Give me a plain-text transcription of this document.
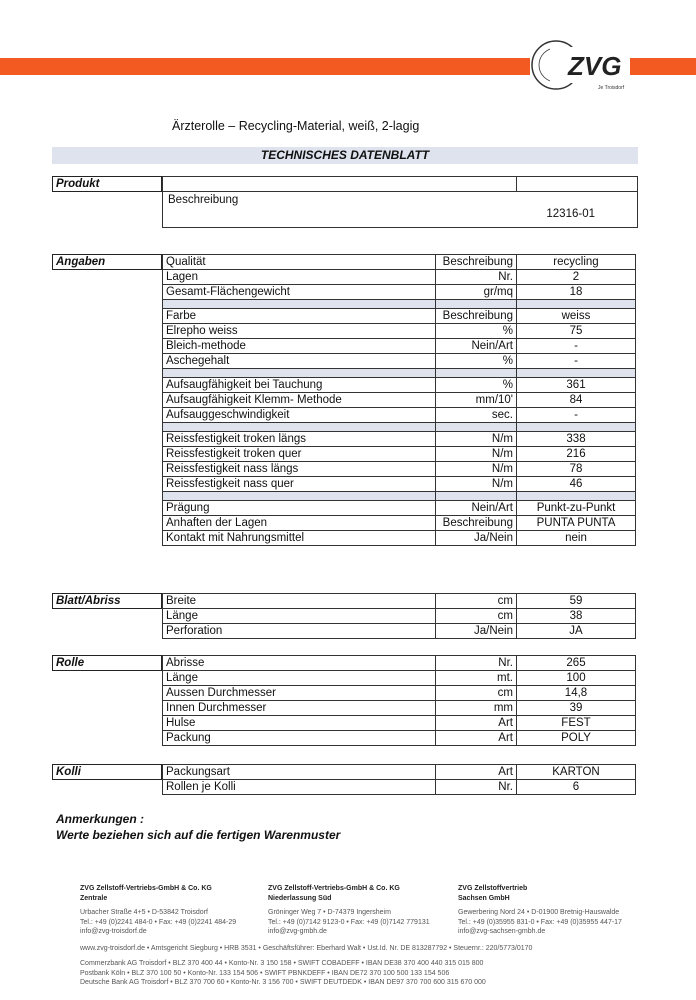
ZVG
Je Troisdorf
Ärzterolle – Recycling-Material, weiß, 2-lagig
TECHNISCHES DATENBLATT
Produkt
Beschreibung
12316-01
Angaben	Qualität	Beschreibung	recycling
Lagen	Nr.	2
Gesamt-Flächengewicht	gr/mq	18

Farbe	Beschreibung	weiss
Elrepho weiss	%	75
Bleich-methode	Nein/Art	-
Aschegehalt	%	-

Aufsaugfähigkeit bei Tauchung	%	361
Aufsaugfähigkeit Klemm- Methode	mm/10'	84
Aufsauggeschwindigkeit	sec.	-

Reissfestigkeit troken längs	N/m	338
Reissfestigkeit troken quer	N/m	216
Reissfestigkeit nass längs	N/m	78
Reissfestigkeit nass quer	N/m	46

Prägung	Nein/Art	Punkt-zu-Punkt
Anhaften der Lagen	Beschreibung	PUNTA PUNTA
Kontakt mit Nahrungsmittel	Ja/Nein	nein
Blatt/Abriss	Breite	cm	59
Länge	cm	38
Perforation	Ja/Nein	JA
Rolle	Abrisse	Nr.	265
Länge	mt.	100
Aussen Durchmesser	cm	14,8
Innen Durchmesser	mm	39
Hulse	Art	FEST
Packung	Art	POLY
Kolli	Packungsart	Art	KARTON
Rollen je Kolli	Nr.	6
Anmerkungen :
Werte beziehen sich auf die fertigen Warenmuster
ZVG Zellstoff-Vertriebs-GmbH & Co. KG
Zentrale
Urbacher Straße 4+5 • D-53842 Troisdorf
Tel.: +49 (0)2241 484-0 • Fax: +49 (0)2241 484-29
info@zvg-troisdorf.de
ZVG Zellstoff-Vertriebs-GmbH & Co. KG
Niederlassung Süd
Gröninger Weg 7 • D-74379 Ingersheim
Tel.: +49 (0)7142 9123-0 • Fax: +49 (0)7142 779131
info@zvg-gmbh.de
ZVG Zellstoffvertrieb
Sachsen GmbH
Gewerbering Nord 24 • D-01900 Bretnig-Hauswalde
Tel.: +49 (0)35955 831-0 • Fax: +49 (0)35955 447-17
info@zvg-sachsen-gmbh.de
www.zvg-troisdorf.de • Amtsgericht Siegburg • HRB 3531 • Geschäftsführer: Eberhard Walt • Ust.Id. Nr. DE 813287792 • Steuernr.: 220/5773/0170
Commerzbank AG Troisdorf • BLZ 370 400 44 • Konto-Nr. 3 150 158 • SWIFT COBADEFF • IBAN DE38 370 400 440 315 015 800
Postbank Köln • BLZ 370 100 50 • Konto-Nr. 133 154 506 • SWIFT PBNKDEFF • IBAN DE72 370 100 500 133 154 506
Deutsche Bank AG Troisdorf • BLZ 370 700 60 • Konto-Nr. 3 156 700 • SWIFT DEUTDEDK • IBAN DE97 370 700 600 315 670 000
